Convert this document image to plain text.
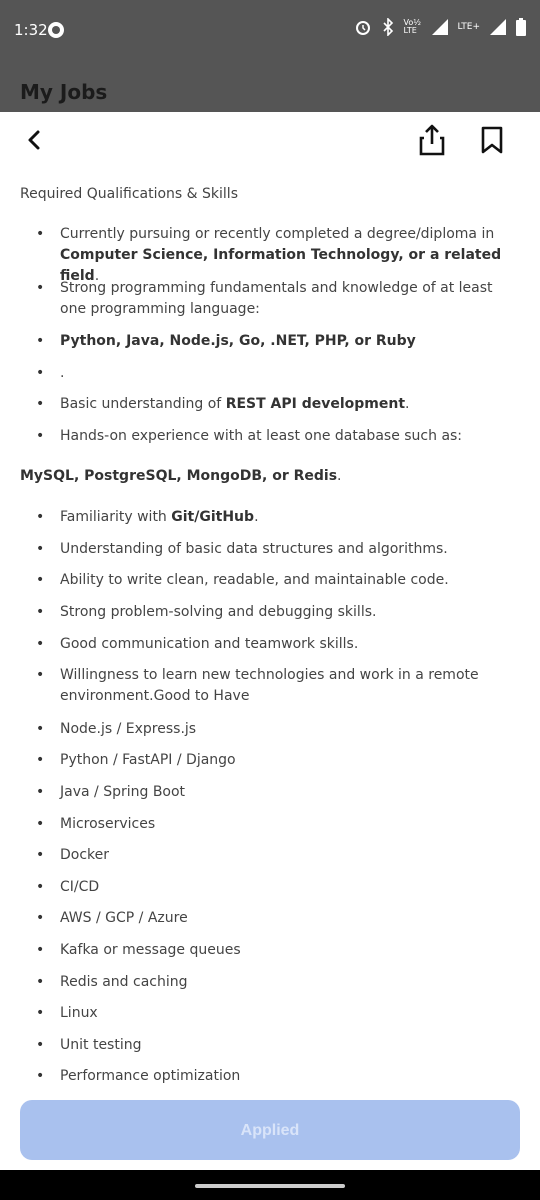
1:32	Vo½ LTE	LTE+
My Jobs
Required Qualifications & Skills
• Currently pursuing or recently completed a degree/diploma in Computer Science, Information Technology, or a related field.
• Strong programming fundamentals and knowledge of at least one programming language:
• Python, Java, Node.js, Go, .NET, PHP, or Ruby
• .
• Basic understanding of REST API development.
• Hands-on experience with at least one database such as:
MySQL, PostgreSQL, MongoDB, or Redis.
• Familiarity with Git/GitHub.
• Understanding of basic data structures and algorithms.
• Ability to write clean, readable, and maintainable code.
• Strong problem-solving and debugging skills.
• Good communication and teamwork skills.
• Willingness to learn new technologies and work in a remote environment.Good to Have
• Node.js / Express.js
• Python / FastAPI / Django
• Java / Spring Boot
• Microservices
• Docker
• CI/CD
• AWS / GCP / Azure
• Kafka or message queues
• Redis and caching
• Linux
• Unit testing
• Performance optimization
Applied
